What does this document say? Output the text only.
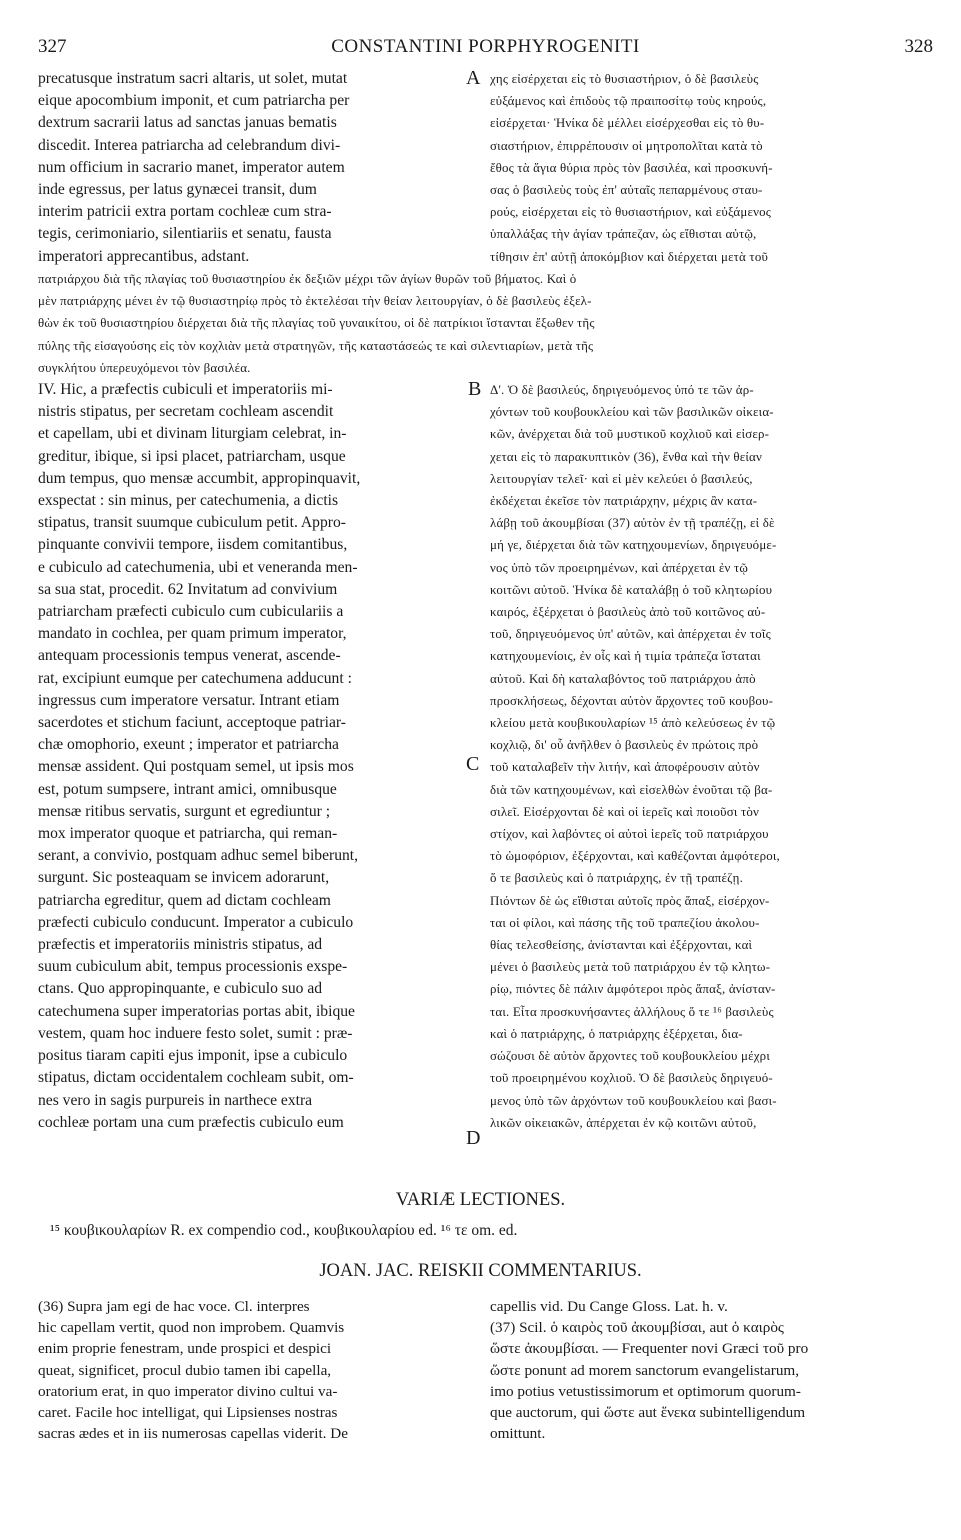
327	CONSTANTINI PORPHYROGENITI	328
precatusque instratum sacri altaris, ut solet, mutat
eique apocombium imponit, et cum patriarcha per
dextrum sacrarii latus ad sanctas januas bematis
discedit. Interea patriarcha ad celebrandum divi-
num officium in sacrario manet, imperator autem
inde egressus, per latus gynæcei transit, dum
interim patricii extra portam cochleæ cum stra-
tegis, cerimoniario, silentiariis et senatu, fausta
imperatori apprecantibus, adstant.
A χης εἰσέρχεται εἰς τὸ θυσιαστήριον, ὁ δὲ βασιλεὺς
εὐξάμενος καὶ ἐπιδοὺς τῷ πραιποσίτῳ τοὺς κηρούς,
εἰσέρχεται· Ἡνίκα δὲ μέλλει εἰσέρχεσθαι εἰς τὸ θυ-
σιαστήριον, ἐπιρρέπουσιν οἱ μητροπολῖται κατὰ τὸ
ἔθος τὰ ἅγια θύρια πρὸς τὸν βασιλέα, καὶ προσκυνή-
σας ὁ βασιλεὺς τοὺς ἐπ' αὐταῖς πεπαρμένους σταυ-
ρούς, εἰσέρχεται εἰς τὸ θυσιαστήριον, καὶ εὐξάμενος
ὑπαλλάξας τὴν ἁγίαν τράπεζαν, ὡς εἴθισται αὐτῷ,
τίθησιν ἐπ' αὐτῇ ἀποκόμβιον καὶ διέρχεται μετὰ τοῦ
πατριάρχου διὰ τῆς πλαγίας τοῦ θυσιαστηρίου ἐκ δεξιῶν μέχρι τῶν ἁγίων θυρῶν τοῦ βήματος. Καὶ ὁ
μὲν πατριάρχης μένει ἐν τῷ θυσιαστηρίῳ πρὸς τὸ ἐκτελέσαι τὴν θείαν λειτουργίαν, ὁ δὲ βασιλεὺς ἐξελ-
θὼν ἐκ τοῦ θυσιαστηρίου διέρχεται διὰ τῆς πλαγίας τοῦ γυναικίτου, οἱ δὲ πατρίκιοι ἵστανται ἔξωθεν τῆς
πύλης τῆς εἰσαγούσης εἰς τὸν κοχλιὰν μετὰ στρατηγῶν, τῆς καταστάσεώς τε καὶ σιλεντιαρίων, μετὰ τῆς
συγκλήτου ὑπερευχόμενοι τὸν βασιλέα.
B
C
D
IV. Hic, a præfectis cubiculi et imperatoriis mi-
nistris stipatus, per secretam cochleam ascendit
et capellam, ubi et divinam liturgiam celebrat, in-
greditur, ibique, si ipsi placet, patriarcham, usque
dum tempus, quo mensæ accumbit, appropinquavit,
exspectat : sin minus, per catechumenia, a dictis
stipatus, transit suumque cubiculum petit. Appro-
pinquante convivii tempore, iisdem comitantibus,
e cubiculo ad catechumenia, ubi et veneranda men-
sa sua stat, procedit. 62 Invitatum ad convivium
patriarcham præfecti cubiculo cum cubiculariis a
mandato in cochlea, per quam primum imperator,
antequam processionis tempus venerat, ascende-
rat, excipiunt eumque per catechumena adducunt :
ingressus cum imperatore versatur. Intrant etiam
sacerdotes et stichum faciunt, acceptoque patriar-
chæ omophorio, exeunt ; imperator et patriarcha
mensæ assident. Qui postquam semel, ut ipsis mos
est, potum sumpsere, intrant amici, omnibusque
mensæ ritibus servatis, surgunt et egrediuntur ;
mox imperator quoque et patriarcha, qui reman-
serant, a convivio, postquam adhuc semel biberunt,
surgunt. Sic posteaquam se invicem adorarunt,
patriarcha egreditur, quem ad dictam cochleam
præfecti cubiculo conducunt. Imperator a cubiculo
præfectis et imperatoriis ministris stipatus, ad
suum cubiculum abit, tempus processionis exspe-
ctans. Quo appropinquante, e cubiculo suo ad
catechumena super imperatorias portas abit, ibique
vestem, quam hoc induere festo solet, sumit : præ-
positus tiaram capiti ejus imponit, ipse a cubiculo
stipatus, dictam occidentalem cochleam subit, om-
nes vero in sagis purpureis in narthece extra
cochleæ portam una cum præfectis cubiculo eum
Δ'. Ὁ δὲ βασιλεύς, δηριγευόμενος ὑπό τε τῶν ἀρ-
χόντων τοῦ κουβουκλείου καὶ τῶν βασιλικῶν οἰκεια-
κῶν, ἀνέρχεται διὰ τοῦ μυστικοῦ κοχλιοῦ καὶ εἰσερ-
χεται εἰς τὸ παρακυπτικὸν (36), ἔνθα καὶ τὴν θείαν
λειτουργίαν τελεῖ· καὶ εἰ μὲν κελεύει ὁ βασιλεύς,
ἐκδέχεται ἐκεῖσε τὸν πατριάρχην, μέχρις ἂν κατα-
λάβῃ τοῦ ἀκουμβίσαι (37) αὐτὸν ἐν τῇ τραπέζῃ, εἰ δὲ
μή γε, διέρχεται διὰ τῶν κατηχουμενίων, δηριγευόμε-
νος ὑπὸ τῶν προειρημένων, καὶ ἀπέρχεται ἐν τῷ
κοιτῶνι αὐτοῦ. Ἡνίκα δὲ καταλάβῃ ὁ τοῦ κλητωρίου
καιρός, ἐξέρχεται ὁ βασιλεὺς ἀπὸ τοῦ κοιτῶνος αὐ-
τοῦ, δηριγευόμενος ὑπ' αὐτῶν, καὶ ἀπέρχεται ἐν τοῖς
κατηχουμενίοις, ἐν οἷς καὶ ἡ τιμία τράπεζα ἵσταται
αὐτοῦ. Καὶ δὴ καταλαβόντος τοῦ πατριάρχου ἀπὸ
προσκλήσεως, δέχονται αὐτὸν ἄρχοντες τοῦ κουβου-
κλείου μετὰ κουβικουλαρίων ¹⁵ ἀπὸ κελεύσεως ἐν τῷ
κοχλιῷ, δι' οὗ ἀνῆλθεν ὁ βασιλεὺς ἐν πρώτοις πρὸ
τοῦ καταλαβεῖν τὴν λιτήν, καὶ ἀποφέρουσιν αὐτὸν
διὰ τῶν κατηχουμένων, καὶ εἰσελθὼν ἐνοῦται τῷ βα-
σιλεῖ. Εἰσέρχονται δὲ καὶ οἱ ἱερεῖς καὶ ποιοῦσι τὸν
στίχον, καὶ λαβόντες οἱ αὐτοὶ ἱερεῖς τοῦ πατριάρχου
τὸ ὠμοφόριον, ἐξέρχονται, καὶ καθέζονται ἀμφότεροι,
ὅ τε βασιλεὺς καὶ ὁ πατριάρχης, ἐν τῇ τραπέζῃ.
Πιόντων δὲ ὡς εἴθισται αὐτοῖς πρὸς ἅπαξ, εἰσέρχον-
ται οἱ φίλοι, καὶ πάσης τῆς τοῦ τραπεζίου ἀκολου-
θίας τελεσθείσης, ἀνίστανται καὶ ἐξέρχονται, καὶ
μένει ὁ βασιλεὺς μετὰ τοῦ πατριάρχου ἐν τῷ κλητω-
ρίῳ, πιόντες δὲ πάλιν ἀμφότεροι πρὸς ἅπαξ, ἀνίσταν-
ται. Εἶτα προσκυνήσαντες ἀλλήλους ὅ τε ¹⁶ βασιλεὺς
καὶ ὁ πατριάρχης, ὁ πατριάρχης ἐξέρχεται, δια-
σώζουσι δὲ αὐτὸν ἄρχοντες τοῦ κουβουκλείου μέχρι
τοῦ προειρημένου κοχλιοῦ. Ὁ δὲ βασιλεὺς δηριγευό-
μενος ὑπὸ τῶν ἀρχόντων τοῦ κουβουκλείου καὶ βασι-
λικῶν οἰκειακῶν, ἀπέρχεται ἐν κῷ κοιτῶνι αὐτοῦ,
VARIÆ LECTIONES.
¹⁵ κουβικουλαρίων R. ex compendio cod., κουβικουλαρίου ed. ¹⁶ τε om. ed.
JOAN. JAC. REISKII COMMENTARIUS.
(36) Supra jam egi de hac voce. Cl. interpres
hic capellam vertit, quod non improbem. Quamvis
enim proprie fenestram, unde prospici et despici
queat, significet, procul dubio tamen ibi capella,
oratorium erat, in quo imperator divino cultui va-
caret. Facile hoc intelligat, qui Lipsienses nostras
sacras ædes et in iis numerosas capellas viderit. De
capellis vid. Du Cange Gloss. Lat. h. v.
(37) Scil. ὁ καιρὸς τοῦ ἀκουμβίσαι, aut ὁ καιρὸς
ὥστε ἀκουμβίσαι. — Frequenter novi Græci τοῦ pro
ὥστε ponunt ad morem sanctorum evangelistarum,
imo potius vetustissimorum et optimorum quorum-
que auctorum, qui ὥστε aut ἕνεκα subintelligendum
omittunt.
